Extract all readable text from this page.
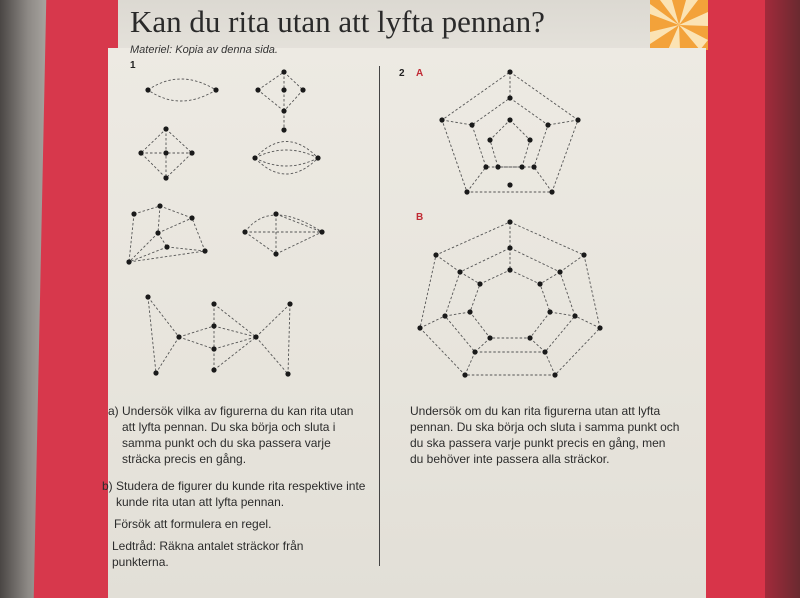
Kan du rita utan att lyfta pennan?
Materiel: Kopia av denna sida.
1
2 A
B

a) Undersök vilka av figurerna du kan rita utan att lyfta pennan. Du ska börja och sluta i samma punkt och du ska passera varje sträcka precis en gång.

b) Studera de figurer du kunde rita respektive inte kunde rita utan att lyfta pennan.

Försök att formulera en regel.

Ledtråd: Räkna antalet sträckor från punkterna.

Undersök om du kan rita figurerna utan att lyfta pennan. Du ska börja och sluta i samma punkt och du ska passera varje punkt precis en gång, men du behöver inte passera alla sträckor.
